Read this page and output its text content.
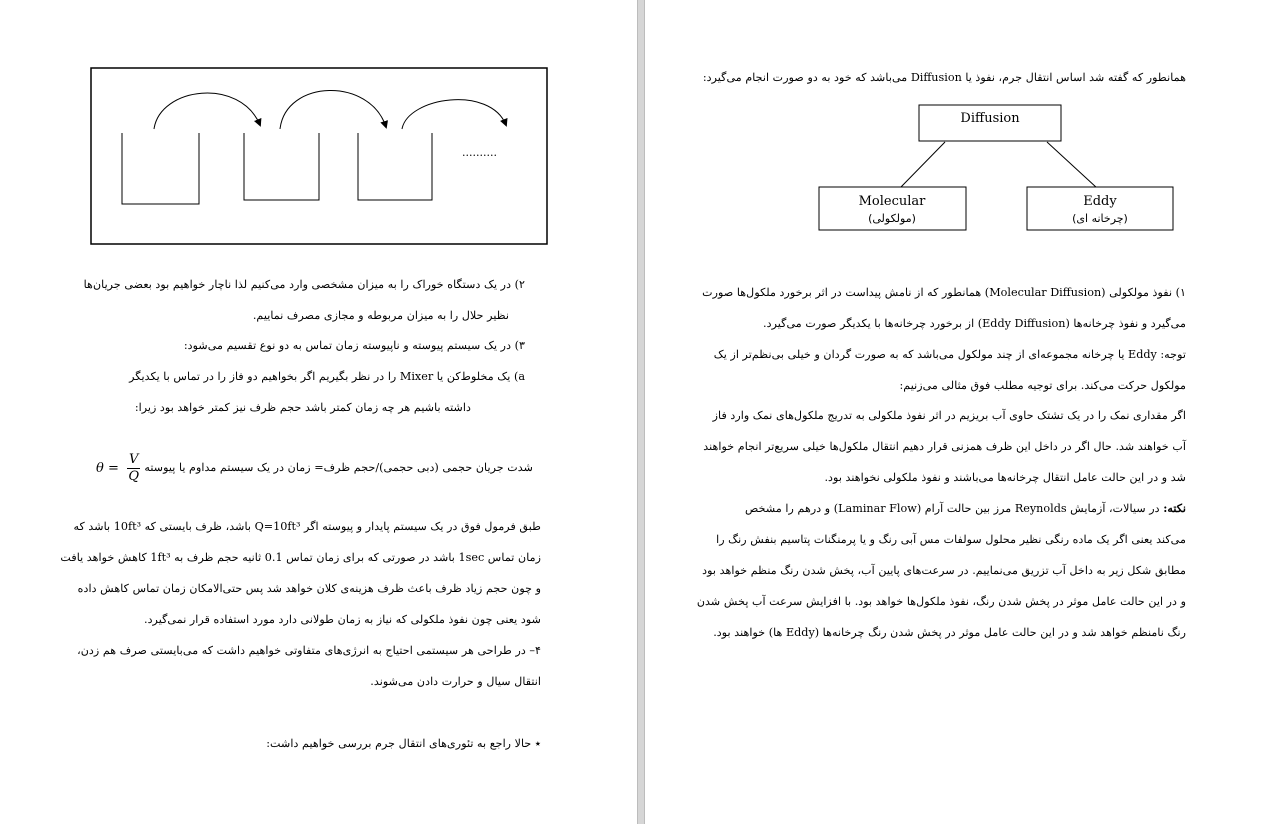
..........
۲) در یک دستگاه خوراک را به میزان مشخصی وارد می‌کنیم لذا ناچار خواهیم بود بعضی جریان‌ها
نظیر حلال را به میزان مربوطه و مجازی مصرف نماییم.
۳) در یک سیستم پیوسته و ناپیوسته زمان تماس به دو نوع تقسیم می‌شود:
a) یک مخلوط‌کن یا Mixer را در نظر بگیریم اگر بخواهیم دو فاز را در تماس با یکدیگر
داشته باشیم هر چه زمان کمتر باشد حجم ظرف نیز کمتر خواهد بود زیرا:
شدت جریان حجمی (دبی حجمی)/حجم ظرف= زمان در یک سیستم مداوم یا پیوسته
$\theta = \frac{V}{Q}$
طبق فرمول فوق در یک سیستم پایدار و پیوسته اگر Q=10ft³ باشد، ظرف بایستی که 10ft³ باشد که
زمان تماس 1sec باشد در صورتی که برای زمان تماس 0.1 ثانیه حجم ظرف به 1ft³ کاهش خواهد یافت
و چون حجم زیاد ظرف باعث ظرف هزینه‌ی کلان خواهد شد پس حتی‌الامکان زمان تماس کاهش داده
شود یعنی چون نفوذ ملکولی که نیاز به زمان طولانی دارد مورد استفاده قرار نمی‌گیرد.
۴– در طراحی هر سیستمی احتیاج به انرژی‌های متفاوتی خواهیم داشت که می‌بایستی صرف هم زدن،
انتقال سیال و حرارت دادن می‌شوند.
٭ حالا راجع به تئوری‌های انتقال جرم بررسی خواهیم داشت:
همانطور که گفته شد اساس انتقال جرم، نفوذ یا Diffusion می‌باشد که خود به دو صورت انجام می‌گیرد:
Diffusion
Molecular
(مولکولی)
Eddy
(چرخانه ای)
۱) نفوذ مولکولی (Molecular Diffusion) همانطور که از نامش پیداست در اثر برخورد ملکول‌ها صورت
می‌گیرد و نفوذ چرخانه‌ها (Eddy Diffusion) از برخورد چرخانه‌ها با یکدیگر صورت می‌گیرد.
توجه: Eddy یا چرخانه مجموعه‌ای از چند مولکول می‌باشد که به صورت گردان و خیلی بی‌نظم‌تر از یک
مولکول حرکت می‌کند. برای توجیه مطلب فوق مثالی می‌زنیم:
اگر مقداری نمک را در یک تشتک حاوی آب بریزیم در اثر نفوذ ملکولی به تدریج ملکول‌های نمک وارد فاز
آب خواهند شد. حال اگر در داخل این ظرف همزنی قرار دهیم انتقال ملکول‌ها خیلی سریع‌تر انجام خواهند
شد و در این حالت عامل انتقال چرخانه‌ها می‌باشند و نفوذ ملکولی نخواهند بود.
نکته: در سیالات، آزمایش Reynolds مرز بین حالت آرام (Laminar Flow) و درهم را مشخص
می‌کند یعنی اگر یک ماده رنگی نظیر محلول سولفات مس آبی رنگ و یا پرمنگنات پتاسیم بنفش رنگ را
مطابق شکل زیر به داخل آب تزریق می‌نماییم. در سرعت‌های پایین آب، پخش شدن رنگ منظم خواهد بود
و در این حالت عامل موثر در پخش شدن رنگ، نفوذ ملکول‌ها خواهد بود. با افزایش سرعت آب پخش شدن
رنگ نامنظم خواهد شد و در این حالت عامل موثر در پخش شدن رنگ چرخانه‌ها (Eddy ها) خواهند بود.
